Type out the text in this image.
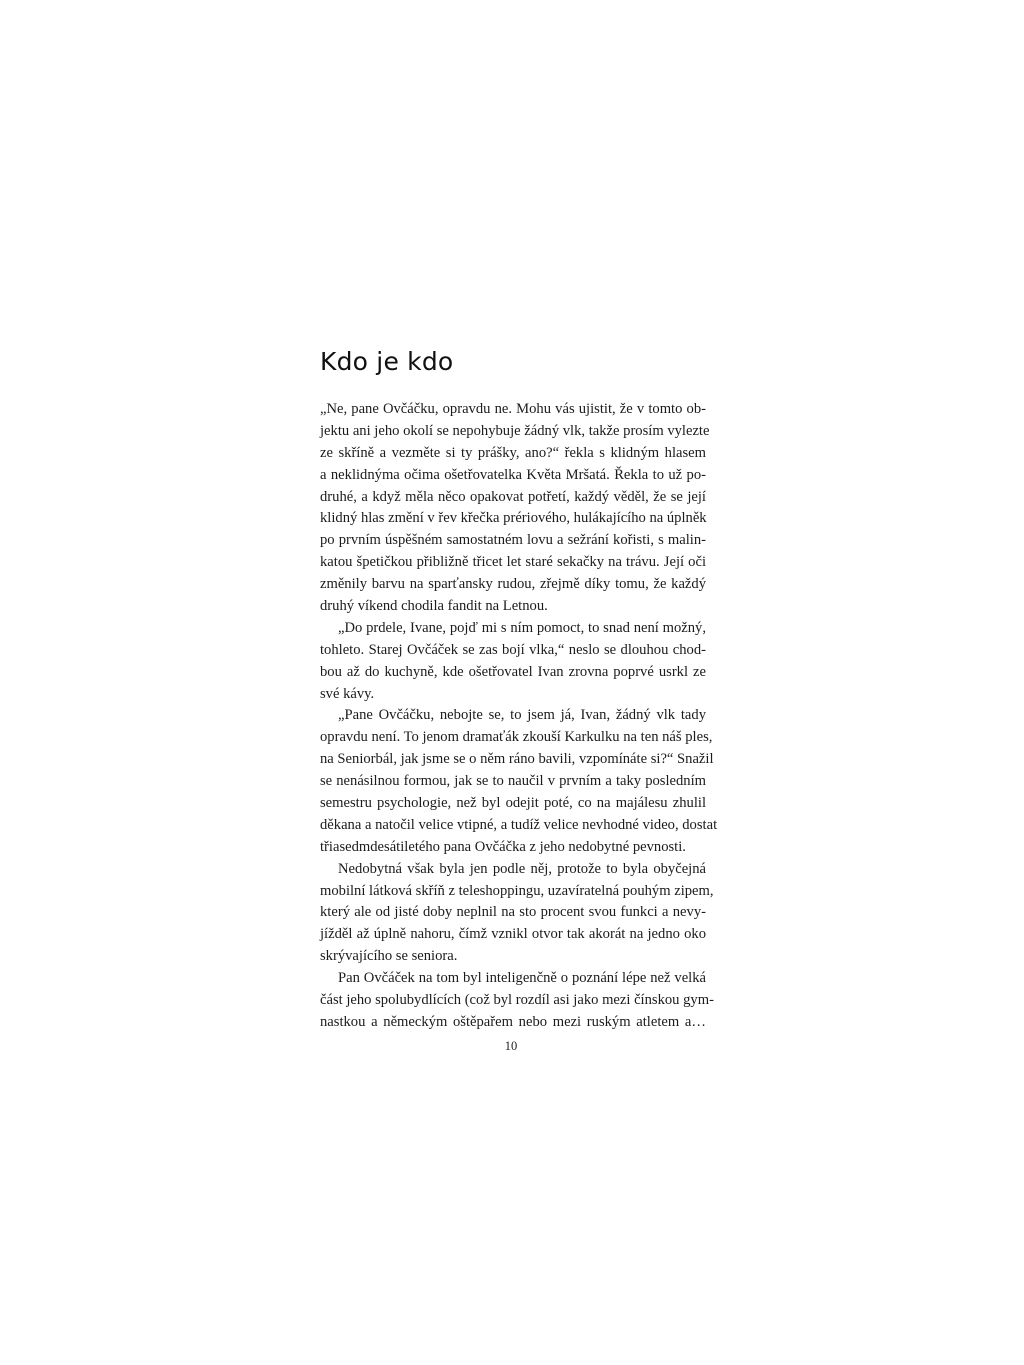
Kdo je kdo
„Ne, pane Ovčáčku, opravdu ne. Mohu vás ujistit, že v tomto ob-
jektu ani jeho okolí se nepohybuje žádný vlk, takže prosím vylezte
ze skříně a vezměte si ty prášky, ano?“ řekla s klidným hlasem
a neklidnýma očima ošetřovatelka Květa Mršatá. Řekla to už po-
druhé, a když měla něco opakovat potřetí, každý věděl, že se její
klidný hlas změní v řev křečka prériového, hulákajícího na úplněk
po prvním úspěšném samostatném lovu a sežrání kořisti, s malin-
katou špetičkou přibližně třicet let staré sekačky na trávu. Její oči
změnily barvu na sparťansky rudou, zřejmě díky tomu, že každý
druhý víkend chodila fandit na Letnou.
„Do prdele, Ivane, pojď mi s ním pomoct, to snad není možný,
tohleto. Starej Ovčáček se zas bojí vlka,“ neslo se dlouhou chod-
bou až do kuchyně, kde ošetřovatel Ivan zrovna poprvé usrkl ze
své kávy.
„Pane Ovčáčku, nebojte se, to jsem já, Ivan, žádný vlk tady
opravdu není. To jenom dramaťák zkouší Karkulku na ten náš ples,
na Seniorbál, jak jsme se o něm ráno bavili, vzpomínáte si?“ Snažil
se nenásilnou formou, jak se to naučil v prvním a taky posledním
semestru psychologie, než byl odejit poté, co na majálesu zhulil
děkana a natočil velice vtipné, a tudíž velice nevhodné video, dostat
třiasedmdesátiletého pana Ovčáčka z jeho nedobytné pevnosti.
Nedobytná však byla jen podle něj, protože to byla obyčejná
mobilní látková skříň z teleshoppingu, uzavíratelná pouhým zipem,
který ale od jisté doby neplnil na sto procent svou funkci a nevy-
jížděl až úplně nahoru, čímž vznikl otvor tak akorát na jedno oko
skrývajícího se seniora.
Pan Ovčáček na tom byl inteligenčně o poznání lépe než velká
část jeho spolubydlících (což byl rozdíl asi jako mezi čínskou gym-
nastkou a německým oštěpařem nebo mezi ruským atletem a…
10
